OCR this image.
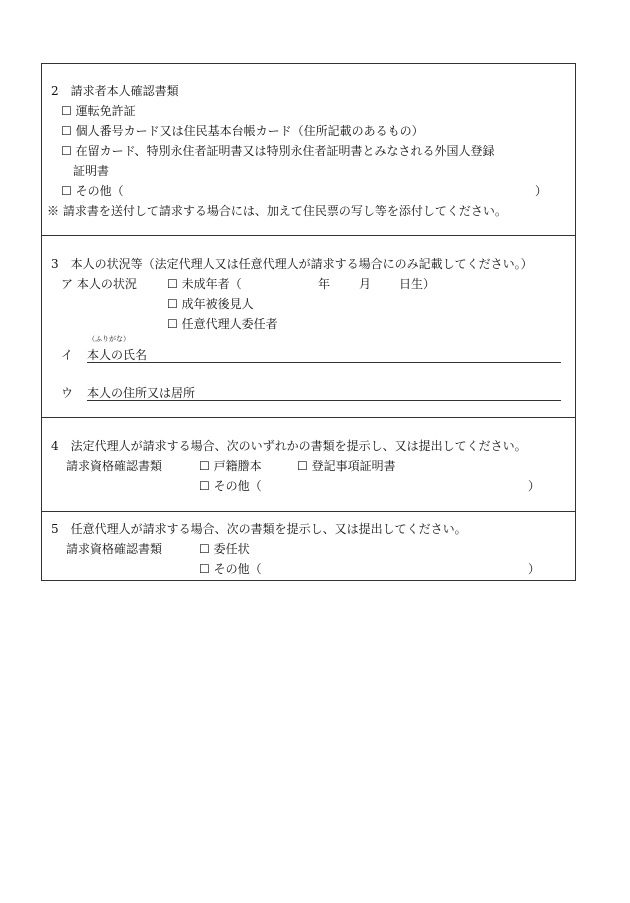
2　請求者本人確認書類
☐ 運転免許証
☐ 個人番号カード又は住民基本台帳カード（住所記載のあるもの）
☐ 在留カード、特別永住者証明書又は特別永住者証明書とみなされる外国人登録
証明書
☐ その他（	）
※ 請求書を送付して請求する場合には、加えて住民票の写し等を添付してください。
3　本人の状況等（法定代理人又は任意代理人が請求する場合にのみ記載してください。）
ア 本人の状況	☐ 未成年者（	年 月 日生）
☐ 成年被後見人
☐ 任意代理人委任者
（ふりがな）
イ 本人の氏名
ウ 本人の住所又は居所
4　法定代理人が請求する場合、次のいずれかの書類を提示し、又は提出してください。
請求資格確認書類	☐ 戸籍謄本	☐ 登記事項証明書
☐ その他（	）
5　任意代理人が請求する場合、次の書類を提示し、又は提出してください。
請求資格確認書類	☐ 委任状
☐ その他（	）
